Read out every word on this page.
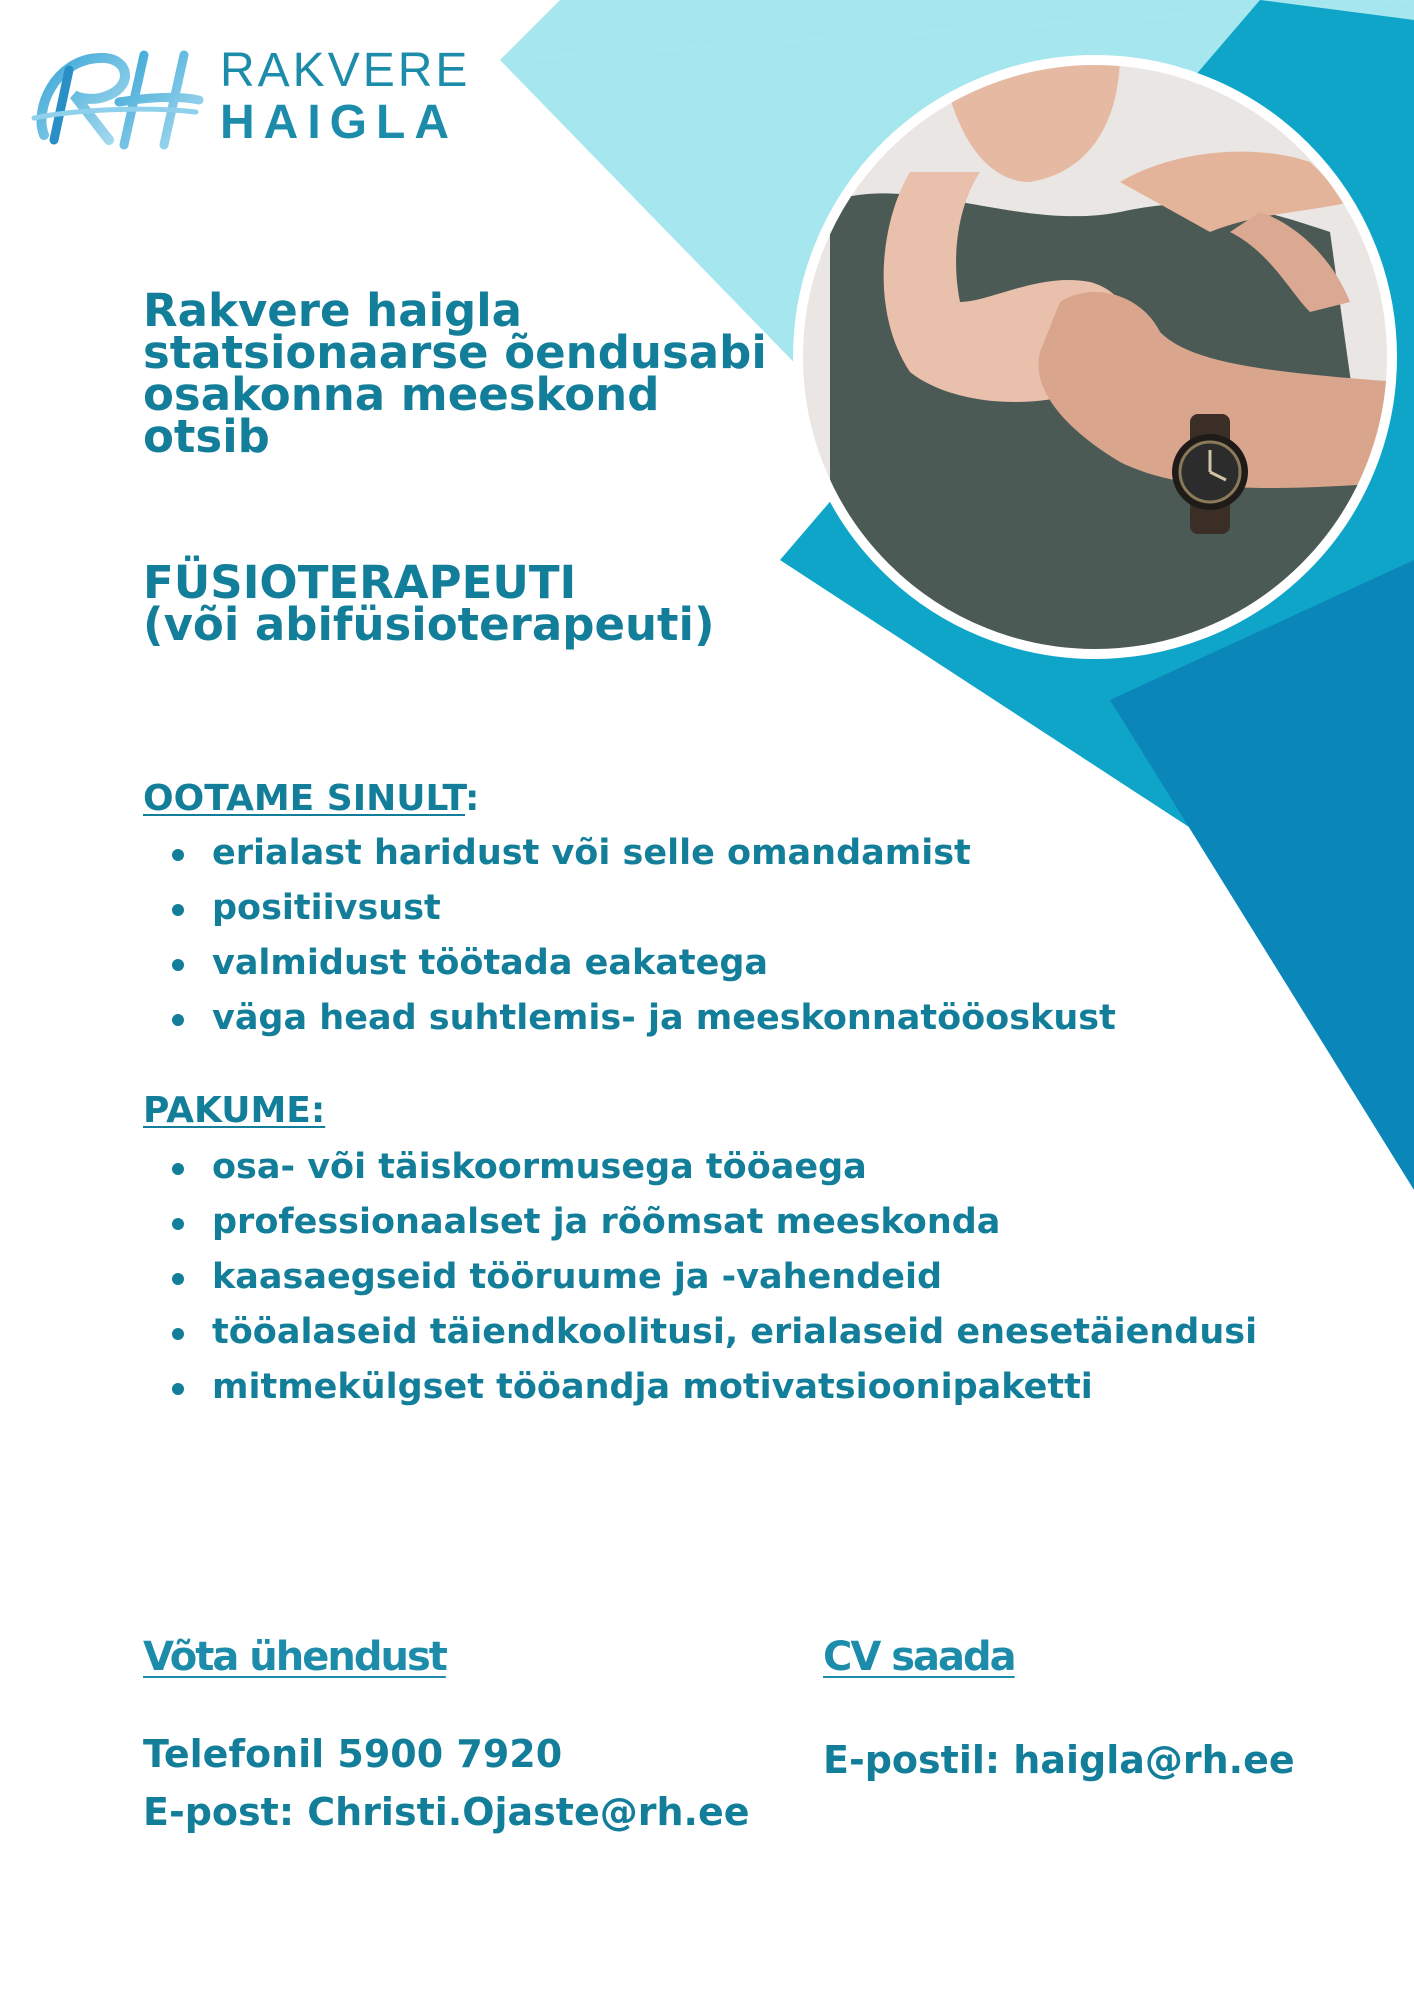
RAKVERE
HAIGLA
Rakvere haigla
statsionaarse õendusabi
osakonna meeskond
otsib
FÜSIOTERAPEUTI
(või abifüsioterapeuti)
OOTAME SINULT:
erialast haridust või selle omandamist
positiivsust
valmidust töötada eakatega
väga head suhtlemis- ja meeskonnatööoskust
PAKUME:
osa- või täiskoormusega tööaega
professionaalset ja rõõmsat meeskonda
kaasaegseid tööruume ja -vahendeid
tööalaseid täiendkoolitusi, erialaseid enesetäiendusi
mitmekülgset tööandja motivatsioonipaketti
Võta ühendust
Telefonil 5900 7920
E-post: Christi.Ojaste@rh.ee
CV saada
E-postil: haigla@rh.ee
